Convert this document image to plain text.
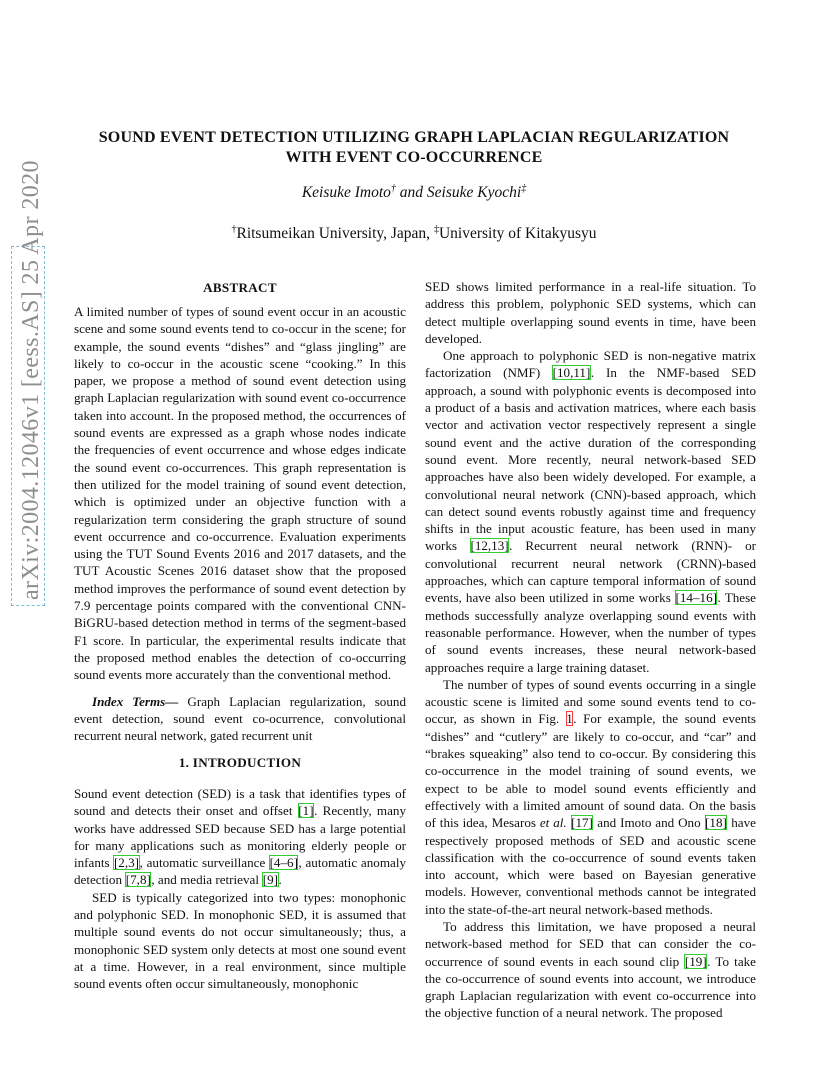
arXiv:2004.12046v1 [eess.AS] 25 Apr 2020
SOUND EVENT DETECTION UTILIZING GRAPH LAPLACIAN REGULARIZATION
WITH EVENT CO-OCCURRENCE
Keisuke Imoto† and Seisuke Kyochi‡
†Ritsumeikan University, Japan, ‡University of Kitakyusyu
ABSTRACT

A limited number of types of sound event occur in an acoustic scene and some sound events tend to co-occur in the scene; for example, the sound events “dishes” and “glass jingling” are likely to co-occur in the acoustic scene “cooking.” In this paper, we propose a method of sound event detection using graph Laplacian regularization with sound event co-occurrence taken into account. In the proposed method, the occurrences of sound events are expressed as a graph whose nodes indicate the frequencies of event occurrence and whose edges indicate the sound event co-occurrences. This graph representation is then utilized for the model training of sound event detection, which is optimized under an objective function with a regularization term considering the graph structure of sound event occurrence and co-occurrence. Evaluation experiments using the TUT Sound Events 2016 and 2017 datasets, and the TUT Acoustic Scenes 2016 dataset show that the proposed method improves the performance of sound event detection by 7.9 percentage points compared with the conventional CNN-BiGRU-based detection method in terms of the segment-based F1 score. In particular, the experimental results indicate that the proposed method enables the detection of co-occurring sound events more accurately than the conventional method.

Index Terms— Graph Laplacian regularization, sound event detection, sound event co-ocurrence, convolutional recurrent neural network, gated recurrent unit

1. INTRODUCTION

Sound event detection (SED) is a task that identifies types of sound and detects their onset and offset [1]. Recently, many works have addressed SED because SED has a large potential for many applications such as monitoring elderly people or infants [2,3], automatic surveillance [4–6], automatic anomaly detection [7,8], and media retrieval [9].

SED is typically categorized into two types: monophonic and polyphonic SED. In monophonic SED, it is assumed that multiple sound events do not occur simultaneously; thus, a monophonic SED system only detects at most one sound event at a time. However, in a real environment, since multiple sound events often occur simultaneously, monophonic

SED shows limited performance in a real-life situation. To address this problem, polyphonic SED systems, which can detect multiple overlapping sound events in time, have been developed.

One approach to polyphonic SED is non-negative matrix factorization (NMF) [10,11]. In the NMF-based SED approach, a sound with polyphonic events is decomposed into a product of a basis and activation matrices, where each basis vector and activation vector respectively represent a single sound event and the active duration of the corresponding sound event. More recently, neural network-based SED approaches have also been widely developed. For example, a convolutional neural network (CNN)-based approach, which can detect sound events robustly against time and frequency shifts in the input acoustic feature, has been used in many works [12,13]. Recurrent neural network (RNN)- or convolutional recurrent neural network (CRNN)-based approaches, which can capture temporal information of sound events, have also been utilized in some works [14–16]. These methods successfully analyze overlapping sound events with reasonable performance. However, when the number of types of sound events increases, these neural network-based approaches require a large training dataset.

The number of types of sound events occurring in a single acoustic scene is limited and some sound events tend to co-occur, as shown in Fig. 1. For example, the sound events “dishes” and “cutlery” are likely to co-occur, and “car” and “brakes squeaking” also tend to co-occur. By considering this co-occurrence in the model training of sound events, we expect to be able to model sound events efficiently and effectively with a limited amount of sound data. On the basis of this idea, Mesaros et al. [17] and Imoto and Ono [18] have respectively proposed methods of SED and acoustic scene classification with the co-occurrence of sound events taken into account, which were based on Bayesian generative models. However, conventional methods cannot be integrated into the state-of-the-art neural network-based methods.

To address this limitation, we have proposed a neural network-based method for SED that can consider the co-occurrence of sound events in each sound clip [19]. To take the co-occurrence of sound events into account, we introduce graph Laplacian regularization with event co-occurrence into the objective function of a neural network. The proposed
